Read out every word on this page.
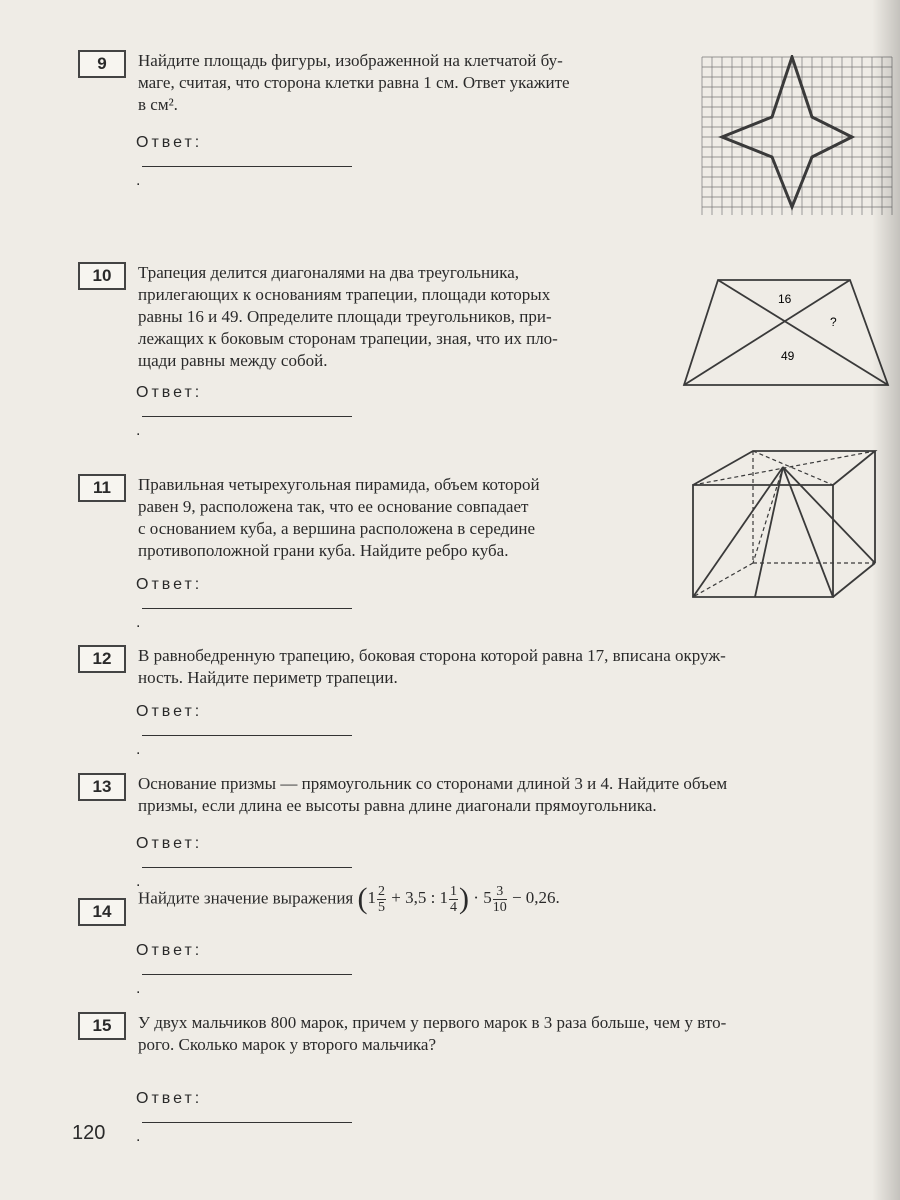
9	Найдите площадь фигуры, изображенной на клетчатой бу-
маге, считая, что сторона клетки равна 1 см. Ответ укажите
в см².
Ответ:.
10	Трапеция делится диагоналями на два треугольника,
прилегающих к основаниям трапеции, площади которых
равны 16 и 49. Определите площади треугольников, при-
лежащих к боковым сторонам трапеции, зная, что их пло-
щади равны между собой.
Ответ:.
16
?
49
11	Правильная четырехугольная пирамида, объем которой
равен 9, расположена так, что ее основание совпадает
с основанием куба, а вершина расположена в середине
противоположной грани куба. Найдите ребро куба.
Ответ:.
12	В равнобедренную трапецию, боковая сторона которой равна 17, вписана окруж-
ность. Найдите периметр трапеции.
Ответ:.
13	Основание призмы — прямоугольник со сторонами длиной 3 и 4. Найдите объем
призмы, если длина ее высоты равна длине диагонали прямоугольника.
Ответ:.
14
Найдите значение выражения ($1 \frac{2}{5} + 3,5$ : $1 \frac{1}{4}$ ) · $5 \frac{3}{10} - 0,26$.
Ответ:.
15	У двух мальчиков 800 марок, причем у первого марок в 3 раза больше, чем у вто-
рого. Сколько марок у второго мальчика?
Ответ:.
120
